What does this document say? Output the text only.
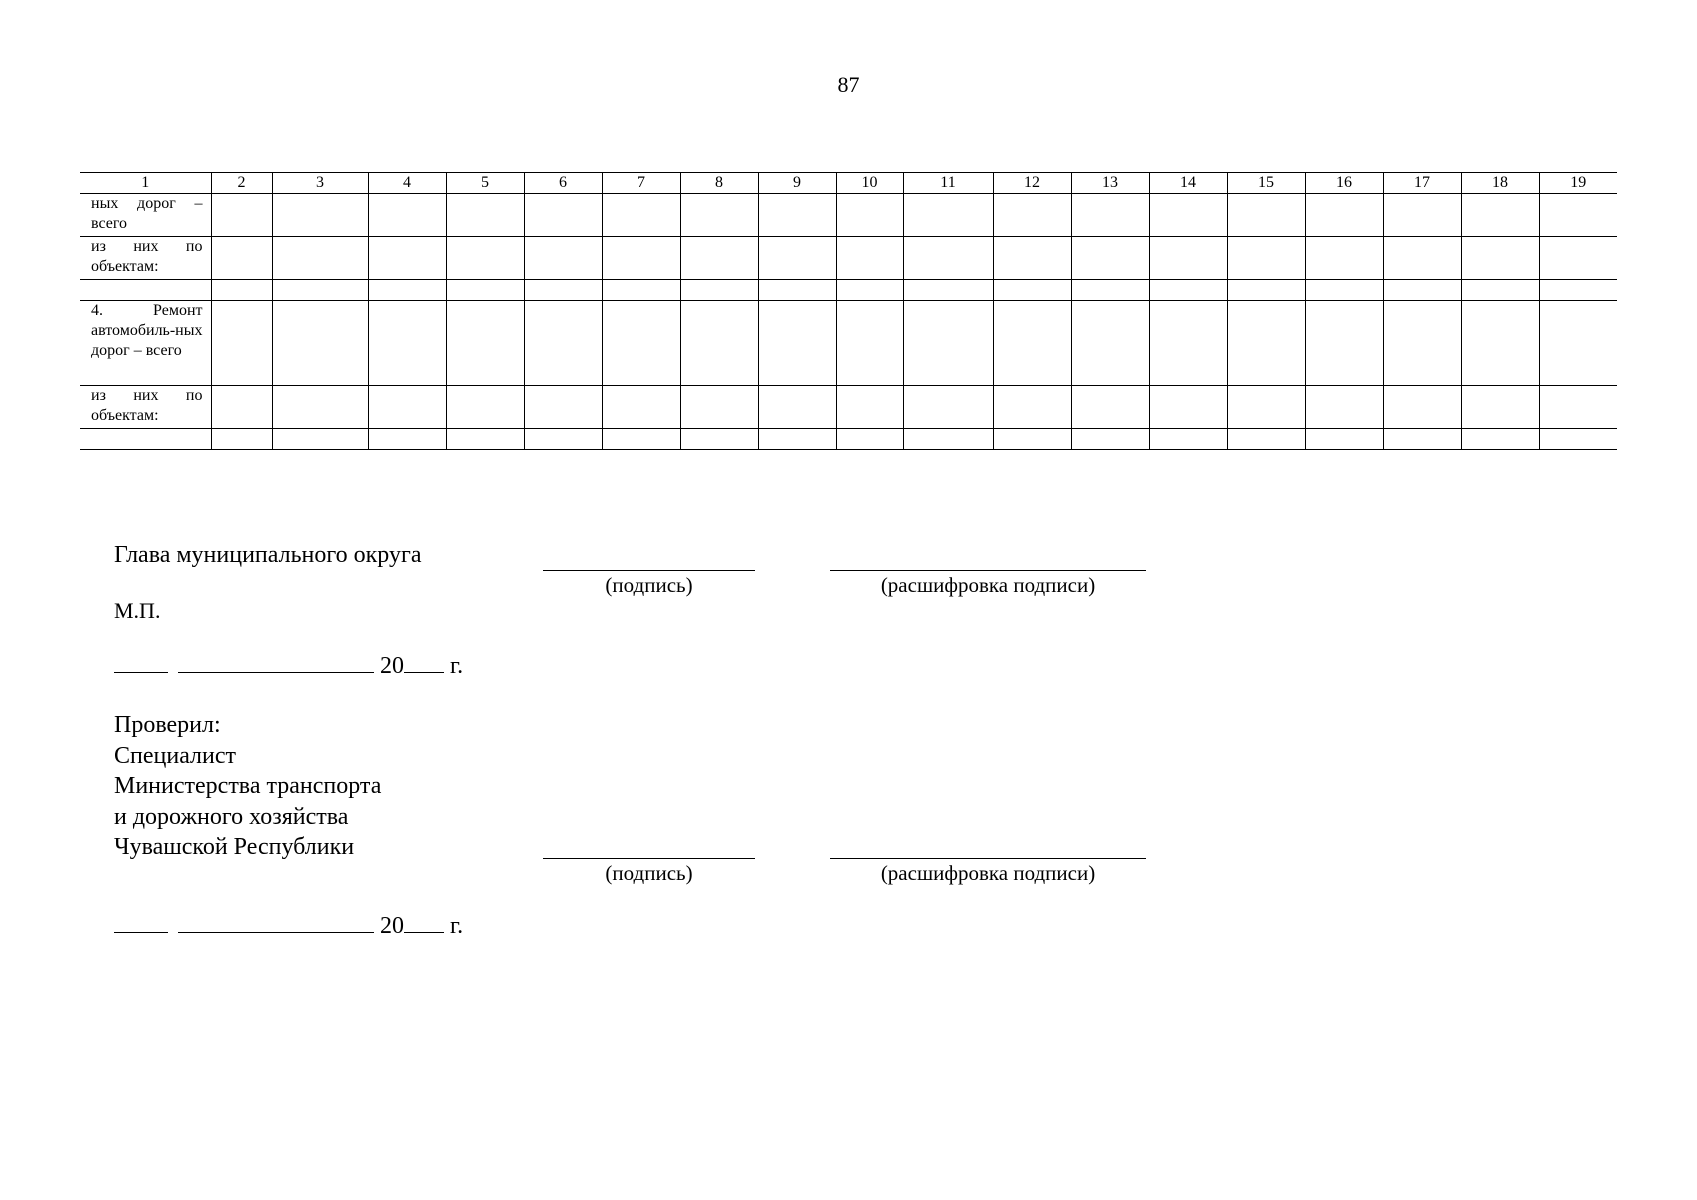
87
1	2	3	4	5	6	7	8	9	10	11	12	13	14	15	16	17	18	19
ных дорог – всего																		
из них по объектам:																		

4. Ремонт автомобиль-ных дорог – всего																		
из них по объектам:																		

Глава муниципального округа
(подпись)	(расшифровка подписи)
М.П.
20 г.
Проверил:
Специалист
Министерства транспорта
и дорожного хозяйства
Чувашской Республики
(подпись)	(расшифровка подписи)
20 г.
